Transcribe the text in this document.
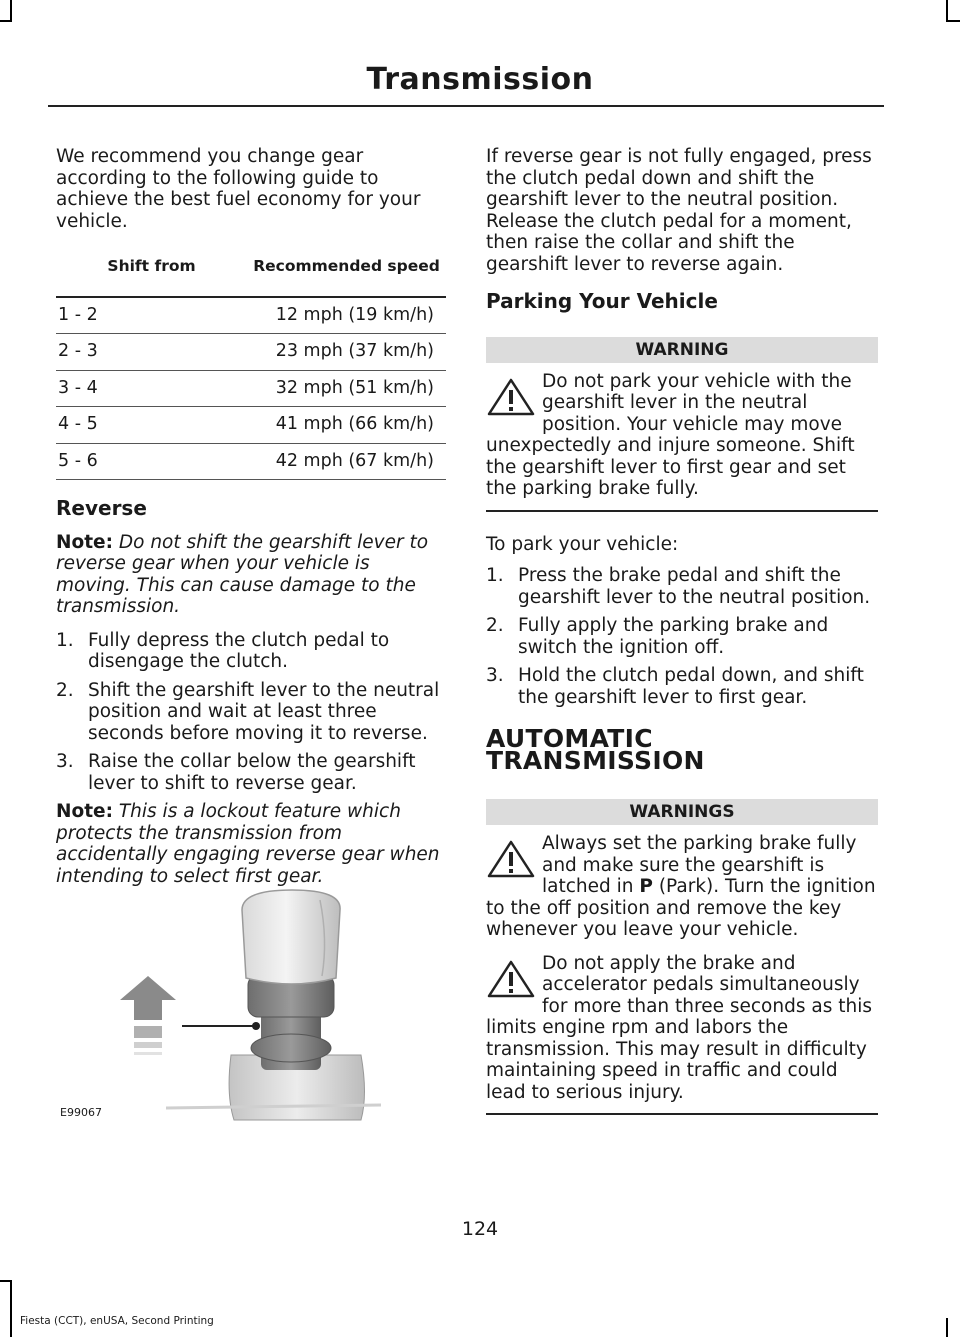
Transmission

We recommend you change gear according to the following guide to achieve the best fuel economy for your vehicle.

Shift from	Recommended speed
1 - 2	12 mph (19 km/h)
2 - 3	23 mph (37 km/h)
3 - 4	32 mph (51 km/h)
4 - 5	41 mph (66 km/h)
5 - 6	42 mph (67 km/h)
Reverse

Note: Do not shift the gearshift lever to reverse gear when your vehicle is moving. This can cause damage to the transmission.

1. Fully depress the clutch pedal to disengage the clutch.
2. Shift the gearshift lever to the neutral position and wait at least three seconds before moving it to reverse.
3. Raise the collar below the gearshift lever to shift to reverse gear.

Note: This is a lockout feature which protects the transmission from accidentally engaging reverse gear when intending to select first gear.

E99067

If reverse gear is not fully engaged, press the clutch pedal down and shift the gearshift lever to the neutral position. Release the clutch pedal for a moment, then raise the collar and shift the gearshift lever to reverse again.

Parking Your Vehicle
WARNING
Do not park your vehicle with the gearshift lever in the neutral position. Your vehicle may move unexpectedly and injure someone. Shift the gearshift lever to first gear and set the parking brake fully.

To park your vehicle:

1. Press the brake pedal and shift the gearshift lever to the neutral position.
2. Fully apply the parking brake and switch the ignition off.
3. Hold the clutch pedal down, and shift the gearshift lever to first gear.
AUTOMATIC TRANSMISSION
WARNINGS
Always set the parking brake fully and make sure the gearshift is latched in P (Park). Turn the ignition to the off position and remove the key whenever you leave your vehicle.
Do not apply the brake and accelerator pedals simultaneously for more than three seconds as this limits engine rpm and labors the transmission. This may result in difficulty maintaining speed in traffic and could lead to serious injury.
124
Fiesta (CCT), enUSA, Second Printing
